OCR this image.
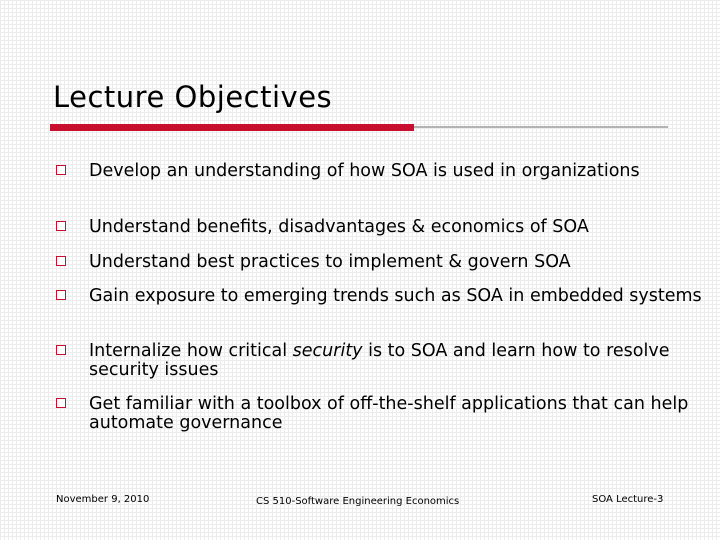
Lecture Objectives
Develop an understanding of how SOA is used in organizations
Understand benefits, disadvantages & economics of SOA
Understand best practices to implement & govern SOA
Gain exposure to emerging trends such as SOA in embedded systems
Internalize how critical security is to SOA and learn how to resolve security issues
Get familiar with a toolbox of off-the-shelf applications that can help automate governance
November 9, 2010	CS 510-Software Engineering Economics	SOA Lecture-3
